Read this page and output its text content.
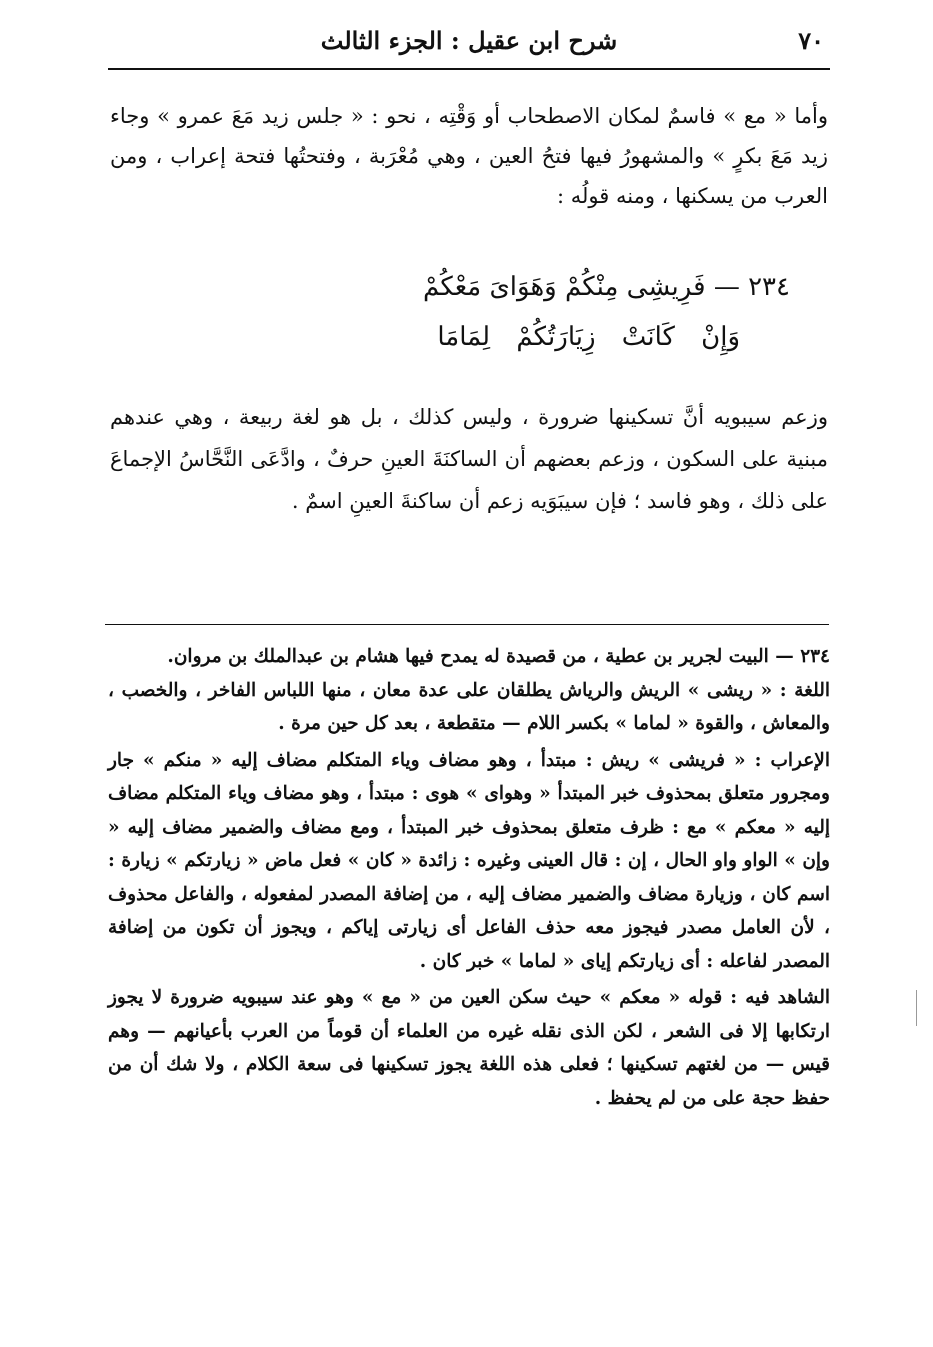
٧٠
شرح ابن عقيل : الجزء الثالث

وأما « مع » فاسمٌ لمكان الاصطحاب أو وَقْتِه ، نحو : « جلس زيد مَعَ عمرو » وجاء زيد مَعَ بكرٍ » والمشهورُ فيها فتحُ العين ، وهي مُعْرَبة ، وفتحتُها فتحة إعراب ، ومن العرب من يسكنها ، ومنه قولُه :

٢٣٤ — فَرِيشِى مِنْكُمْ وَهَوَاىَ مَعْكُمْ
وَإِنْ كَانَتْ زِيَارَتُكُمْ لِمَامَا

وزعم سيبويه أنَّ تسكينها ضرورة ، وليس كذلك ، بل هو لغة ربيعة ، وهي عندهم مبنية على السكون ، وزعم بعضهم أن الساكنَةَ العينِ حرفٌ ، وادَّعَى النَّحَّاسُ الإجماعَ على ذلك ، وهو فاسد ؛ فإن سيبَوَيه زعم أن ساكنةَ العينِ اسمٌ .

٢٣٤ — البيت لجرير بن عطية ، من قصيدة له يمدح فيها هشام بن عبدالملك بن مروان.

اللغة : « ريشى » الريش والرياش يطلقان على عدة معان ، منها اللباس الفاخر ، والخصب ، والمعاش ، والقوة « لماما » بكسر اللام — متقطعة ، بعد كل حين مرة .

الإعراب : « فريشى » ريش : مبتدأ ، وهو مضاف وياء المتكلم مضاف إليه « منكم » جار ومجرور متعلق بمحذوف خبر المبتدأ « وهواى » هوى : مبتدأ ، وهو مضاف وياء المتكلم مضاف إليه « معكم » مع : ظرف متعلق بمحذوف خبر المبتدأ ، ومع مضاف والضمير مضاف إليه « وإن » الواو واو الحال ، إن : قال العينى وغيره : زائدة « كان » فعل ماض « زيارتكم » زيارة : اسم كان ، وزيارة مضاف والضمير مضاف إليه ، من إضافة المصدر لمفعوله ، والفاعل محذوف ، لأن العامل مصدر فيجوز معه حذف الفاعل أى زيارتى إياكم ، ويجوز أن تكون من إضافة المصدر لفاعله : أى زيارتكم إياى « لماما » خبر كان .

الشاهد فيه : قوله « معكم » حيث سكن العين من « مع » وهو عند سيبويه ضرورة لا يجوز ارتكابها إلا فى الشعر ، لكن الذى نقله غيره من العلماء أن قوماً من العرب بأعيانهم — وهم قيس — من لغتهم تسكينها ؛ فعلى هذه اللغة يجوز تسكينها فى سعة الكلام ، ولا شك أن من حفظ حجة على من لم يحفظ .
